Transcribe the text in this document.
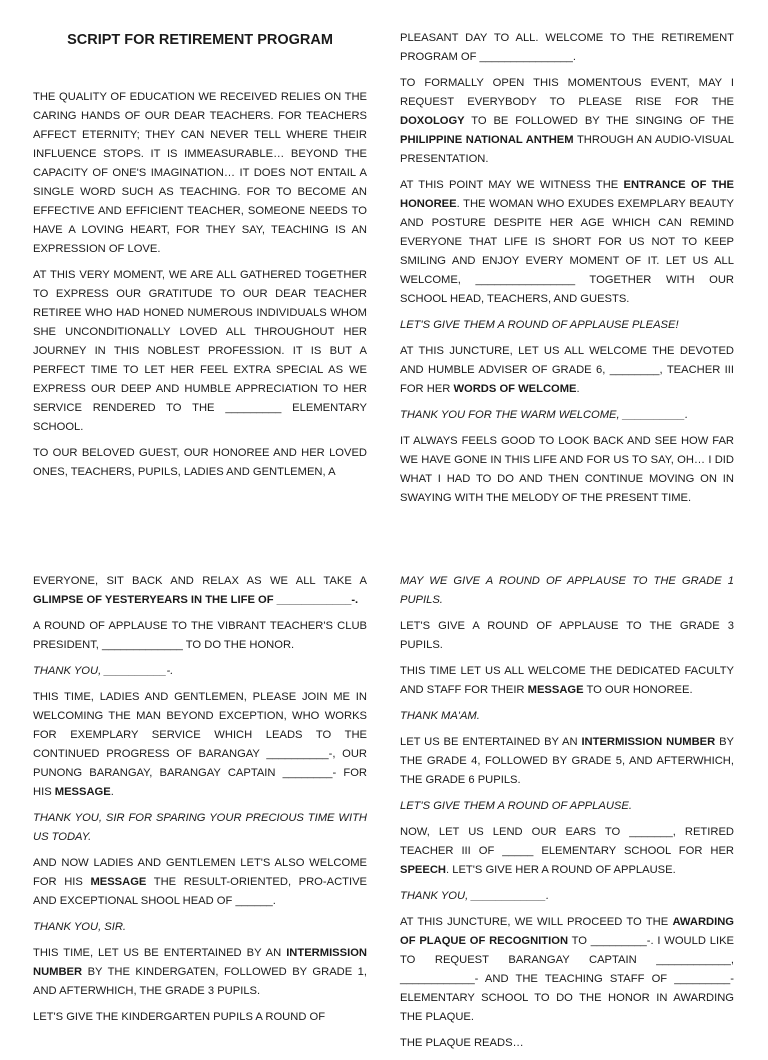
SCRIPT FOR RETIREMENT PROGRAM

THE QUALITY OF EDUCATION WE RECEIVED RELIES ON THE CARING HANDS OF OUR DEAR TEACHERS. FOR TEACHERS AFFECT ETERNITY; THEY CAN NEVER TELL WHERE THEIR INFLUENCE STOPS. IT IS IMMEASURABLE… BEYOND THE CAPACITY OF ONE'S IMAGINATION… IT DOES NOT ENTAIL A SINGLE WORD SUCH AS TEACHING. FOR TO BECOME AN EFFECTIVE AND EFFICIENT TEACHER, SOMEONE NEEDS TO HAVE A LOVING HEART, FOR THEY SAY, TEACHING IS AN EXPRESSION OF LOVE.

AT THIS VERY MOMENT, WE ARE ALL GATHERED TOGETHER TO EXPRESS OUR GRATITUDE TO OUR DEAR TEACHER RETIREE WHO HAD HONED NUMEROUS INDIVIDUALS WHOM SHE UNCONDITIONALLY LOVED ALL THROUGHOUT HER JOURNEY IN THIS NOBLEST PROFESSION. IT IS BUT A PERFECT TIME TO LET HER FEEL EXTRA SPECIAL AS WE EXPRESS OUR DEEP AND HUMBLE APPRECIATION TO HER SERVICE RENDERED TO THE _________ ELEMENTARY SCHOOL.

TO OUR BELOVED GUEST, OUR HONOREE AND HER LOVED ONES, TEACHERS, PUPILS, LADIES AND GENTLEMEN, A

PLEASANT DAY TO ALL. WELCOME TO THE RETIREMENT PROGRAM OF _______________.

TO FORMALLY OPEN THIS MOMENTOUS EVENT, MAY I REQUEST EVERYBODY TO PLEASE RISE FOR THE DOXOLOGY TO BE FOLLOWED BY THE SINGING OF THE PHILIPPINE NATIONAL ANTHEM THROUGH AN AUDIO-VISUAL PRESENTATION.

AT THIS POINT MAY WE WITNESS THE ENTRANCE OF THE HONOREE. THE WOMAN WHO EXUDES EXEMPLARY BEAUTY AND POSTURE DESPITE HER AGE WHICH CAN REMIND EVERYONE THAT LIFE IS SHORT FOR US NOT TO KEEP SMILING AND ENJOY EVERY MOMENT OF IT. LET US ALL WELCOME, ________________ TOGETHER WITH OUR SCHOOL HEAD, TEACHERS, AND GUESTS.

LET'S GIVE THEM A ROUND OF APPLAUSE PLEASE!

AT THIS JUNCTURE, LET US ALL WELCOME THE DEVOTED AND HUMBLE ADVISER OF GRADE 6, ________, TEACHER III FOR HER WORDS OF WELCOME.

THANK YOU FOR THE WARM WELCOME, __________.

IT ALWAYS FEELS GOOD TO LOOK BACK AND SEE HOW FAR WE HAVE GONE IN THIS LIFE AND FOR US TO SAY, OH… I DID WHAT I HAD TO DO AND THEN CONTINUE MOVING ON IN SWAYING WITH THE MELODY OF THE PRESENT TIME.

EVERYONE, SIT BACK AND RELAX AS WE ALL TAKE A GLIMPSE OF YESTERYEARS IN THE LIFE OF ____________-.

A ROUND OF APPLAUSE TO THE VIBRANT TEACHER'S CLUB PRESIDENT, _____________ TO DO THE HONOR.

THANK YOU, __________-.

THIS TIME, LADIES AND GENTLEMEN, PLEASE JOIN ME IN WELCOMING THE MAN BEYOND EXCEPTION, WHO WORKS FOR EXEMPLARY SERVICE WHICH LEADS TO THE CONTINUED PROGRESS OF BARANGAY __________-, OUR PUNONG BARANGAY, BARANGAY CAPTAIN ________- FOR HIS MESSAGE.

THANK YOU, SIR FOR SPARING YOUR PRECIOUS TIME WITH US TODAY.

AND NOW LADIES AND GENTLEMEN LET'S ALSO WELCOME FOR HIS MESSAGE THE RESULT-ORIENTED, PRO-ACTIVE AND EXCEPTIONAL SHOOL HEAD OF ______.

THANK YOU, SIR.

THIS TIME, LET US BE ENTERTAINED BY AN INTERMISSION NUMBER BY THE KINDERGATEN, FOLLOWED BY GRADE 1, AND AFTERWHICH, THE GRADE 3 PUPILS.

LET'S GIVE THE KINDERGARTEN PUPILS A ROUND OF

MAY WE GIVE A ROUND OF APPLAUSE TO THE GRADE 1 PUPILS.

LET'S GIVE A ROUND OF APPLAUSE TO THE GRADE 3 PUPILS.

THIS TIME LET US ALL WELCOME THE DEDICATED FACULTY AND STAFF FOR THEIR MESSAGE TO OUR HONOREE.

THANK MA'AM.

LET US BE ENTERTAINED BY AN INTERMISSION NUMBER BY THE GRADE 4, FOLLOWED BY GRADE 5, AND AFTERWHICH, THE GRADE 6 PUPILS.

LET'S GIVE THEM A ROUND OF APPLAUSE.

NOW, LET US LEND OUR EARS TO _______, RETIRED TEACHER III OF _____ ELEMENTARY SCHOOL FOR HER SPEECH. LET'S GIVE HER A ROUND OF APPLAUSE.

THANK YOU, ____________.

AT THIS JUNCTURE, WE WILL PROCEED TO THE AWARDING OF PLAQUE OF RECOGNITION TO _________-. I WOULD LIKE TO REQUEST BARANGAY CAPTAIN ____________, ____________- AND THE TEACHING STAFF OF _________- ELEMENTARY SCHOOL TO DO THE HONOR IN AWARDING THE PLAQUE.

THE PLAQUE READS…
